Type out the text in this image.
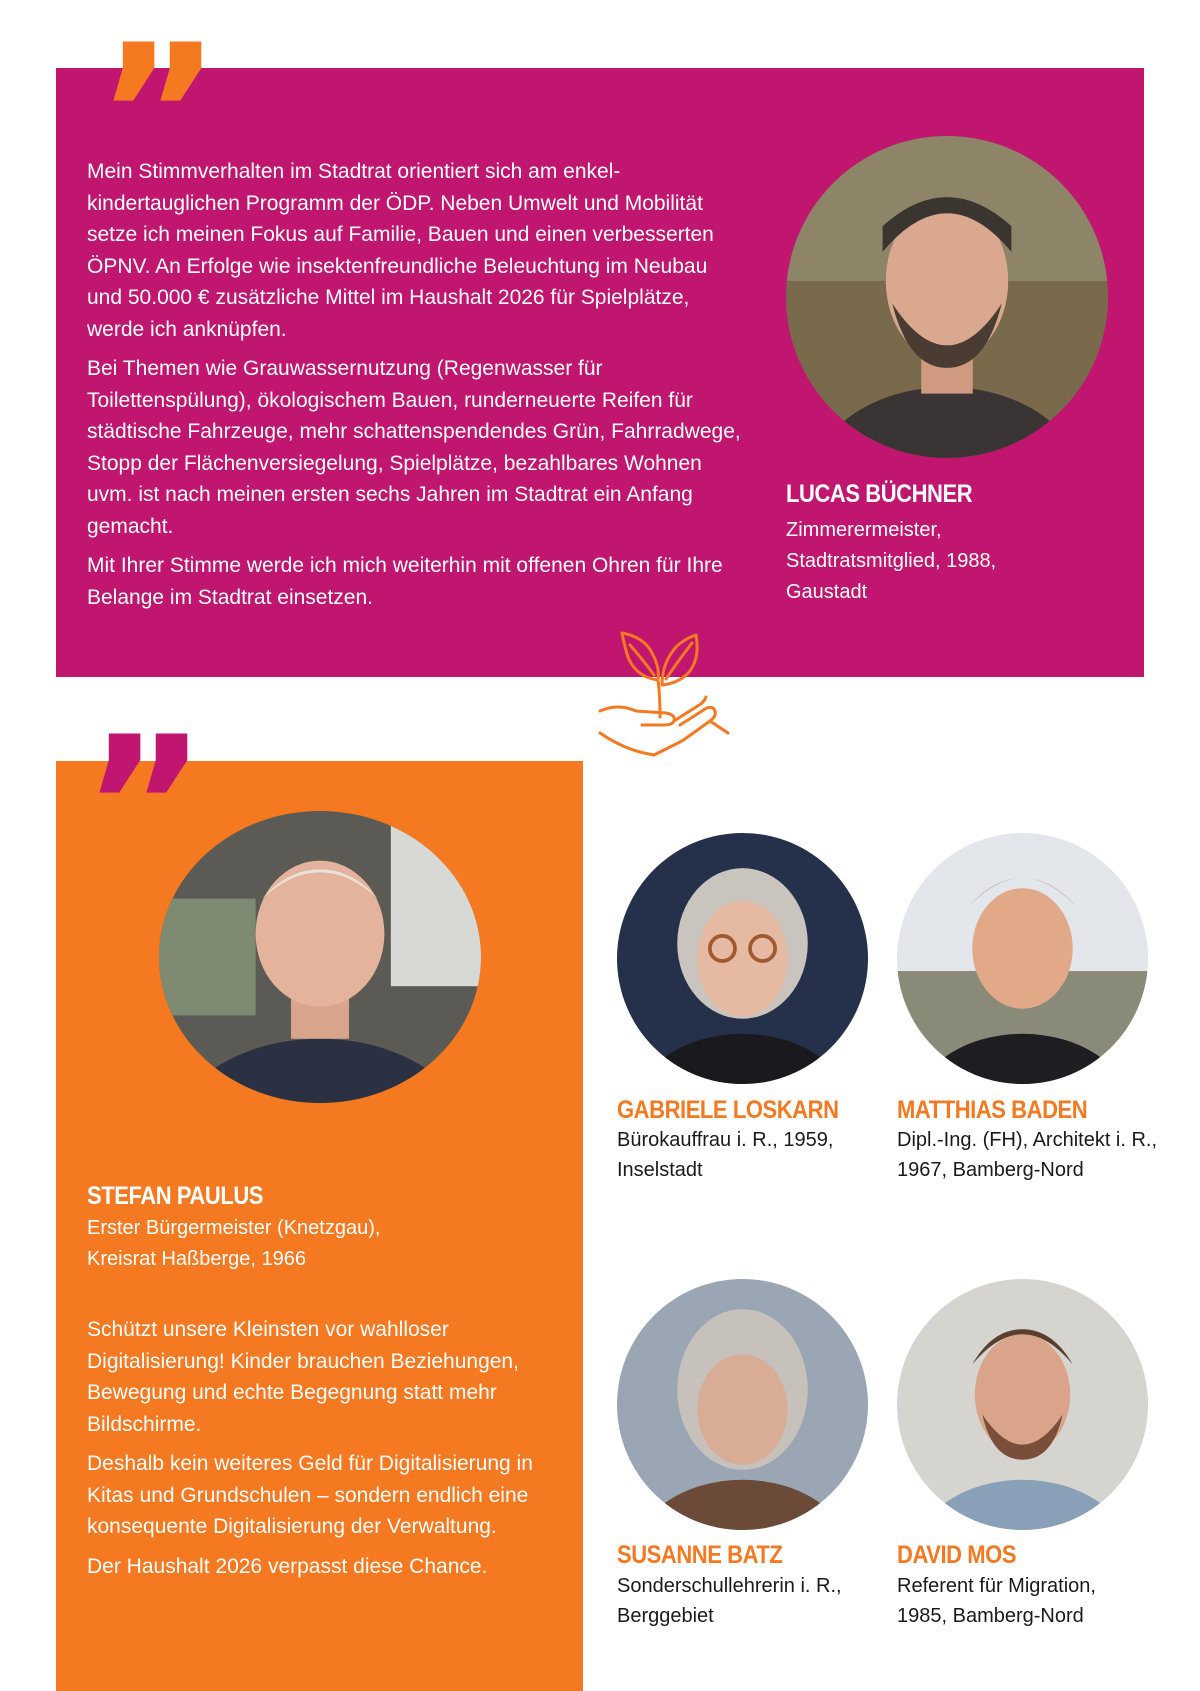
Mein Stimmverhalten im Stadtrat orientiert sich am enkel-kindertauglichen Programm der ÖDP. Neben Umwelt und Mobilität setze ich meinen Fokus auf Familie, Bauen und einen verbesserten ÖPNV. An Erfolge wie insektenfreundliche Beleuchtung im Neubau und 50.000 € zusätzliche Mittel im Haushalt 2026 für Spielplätze, werde ich anknüpfen.

Bei Themen wie Grauwassernutzung (Regenwasser für Toilettenspülung), ökologischem Bauen, runderneuerte Reifen für städtische Fahrzeuge, mehr schattenspendendes Grün, Fahrradwege, Stopp der Flächenversiegelung, Spielplätze, bezahlbares Wohnen uvm. ist nach meinen ersten sechs Jahren im Stadtrat ein Anfang gemacht.

Mit Ihrer Stimme werde ich mich weiterhin mit offenen Ohren für Ihre Belange im Stadtrat einsetzen.

LUCAS BÜCHNER
Zimmerermeister,
Stadtratsmitglied, 1988,
Gaustadt
STEFAN PAULUS
Erster Bürgermeister (Knetzgau),
Kreisrat Haßberge, 1966

Schützt unsere Kleinsten vor wahlloser Digitalisierung! Kinder brauchen Beziehungen, Bewegung und echte Begegnung statt mehr Bildschirme.

Deshalb kein weiteres Geld für Digitalisierung in Kitas und Grundschulen – sondern endlich eine konsequente Digitalisierung der Verwaltung.

Der Haushalt 2026 verpasst diese Chance.

GABRIELE LOSKARN
Bürokauffrau i. R., 1959,
Inselstadt
MATTHIAS BADEN
Dipl.-Ing. (FH), Architekt i. R.,
1967, Bamberg-Nord
SUSANNE BATZ
Sonderschullehrerin i. R.,
Berggebiet
DAVID MOS
Referent für Migration,
1985, Bamberg-Nord
